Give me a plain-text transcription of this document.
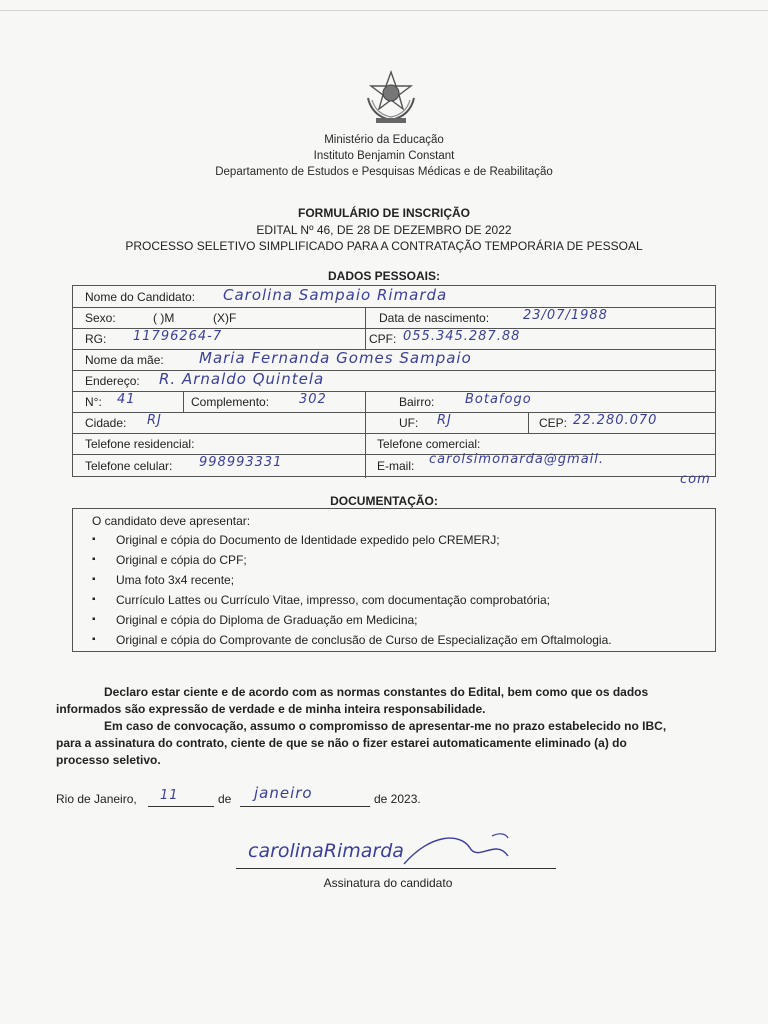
Ministério da Educação
Instituto Benjamin Constant
Departamento de Estudos e Pesquisas Médicas e de Reabilitação
FORMULÁRIO DE INSCRIÇÃO
EDITAL Nº 46, DE 28 DE DEZEMBRO DE 2022
PROCESSO SELETIVO SIMPLIFICADO PARA A CONTRATAÇÃO TEMPORÁRIA DE PESSOAL
DADOS PESSOAIS:
Nome do Candidato: Carolina Sampaio Rimarda
Sexo:	( )M	(X)F	Data de nascimento:	23/07/1988
RG: 11796264-7	CPF: 055.345.287.88
Nome da mãe: Maria Fernanda Gomes Sampaio
Endereço: R. Arnaldo Quintela
N°: 41	Complemento: 302	Bairro: Botafogo
Cidade: RJ	UF: RJ	CEP: 22.280.070
Telefone residencial:	Telefone comercial:
Telefone celular: 998993331	E-mail: carolsimonarda@gmail.
com
DOCUMENTAÇÃO:
O candidato deve apresentar:
▪ Original e cópia do Documento de Identidade expedido pelo CREMERJ;
▪ Original e cópia do CPF;
▪ Uma foto 3x4 recente;
▪ Currículo Lattes ou Currículo Vitae, impresso, com documentação comprobatória;
▪ Original e cópia do Diploma de Graduação em Medicina;
▪ Original e cópia do Comprovante de conclusão de Curso de Especialização em Oftalmologia.
Declaro estar ciente e de acordo com as normas constantes do Edital, bem como que os dados
informados são expressão de verdade e de minha inteira responsabilidade.
Em caso de convocação, assumo o compromisso de apresentar-me no prazo estabelecido no IBC,
para a assinatura do contrato, ciente de que se não o fizer estarei automaticamente eliminado (a) do
processo seletivo.
Rio de Janeiro, 11	de janeiro	de 2023.
carolinaRimarda
Assinatura do candidato
